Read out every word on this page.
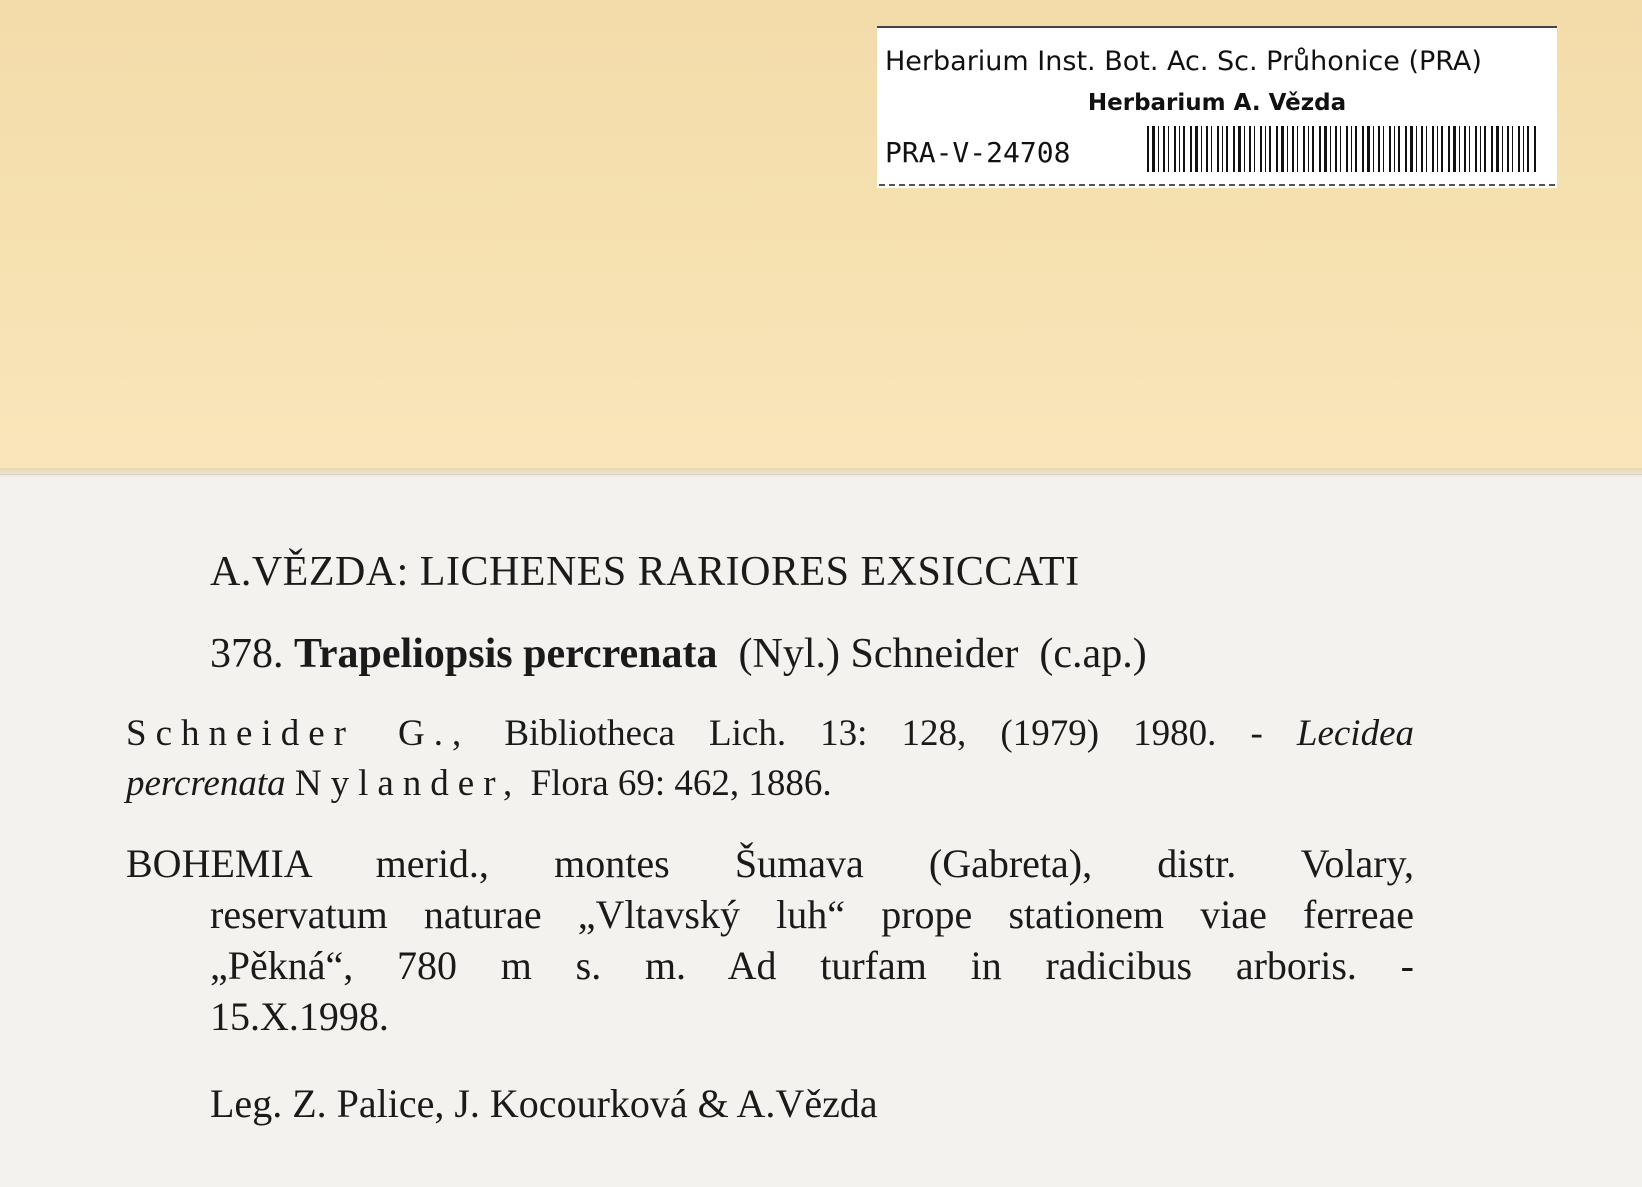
Herbarium Inst. Bot. Ac. Sc. Průhonice (PRA)
Herbarium A. Vězda
PRA-V-24708
A.VĚZDA: LICHENES RARIORES EXSICCATI
378. Trapeliopsis percrenata (Nyl.) Schneider (c.ap.)
Schneider G., Bibliotheca Lich. 13: 128, (1979) 1980. - Lecidea
percrenata Nylander, Flora 69: 462, 1886.
BOHEMIA merid., montes Šumava (Gabreta), distr. Volary,
reservatum naturae „Vltavský luh“ prope stationem viae ferreae
„Pěkná“, 780 m s. m. Ad turfam in radicibus arboris. -
15.X.1998.
Leg. Z. Palice, J. Kocourková & A.Vězda
